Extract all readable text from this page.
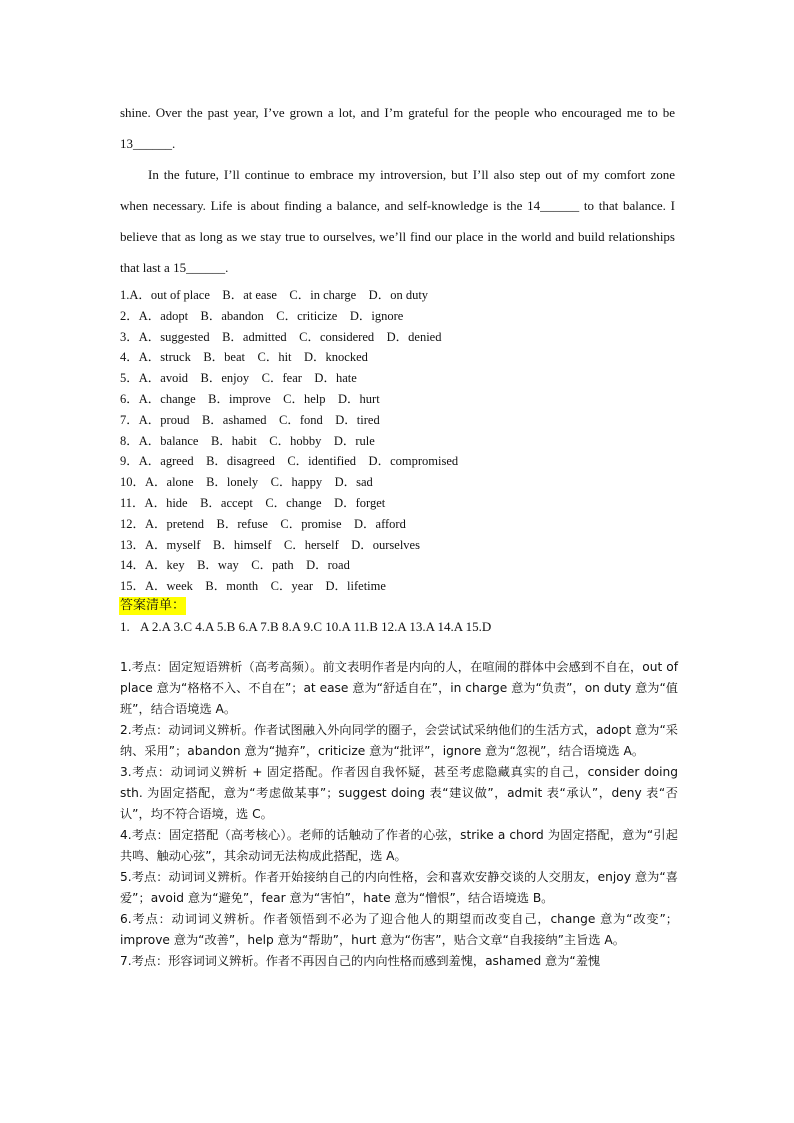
shine. Over the past year, I’ve grown a lot, and I’m grateful for the people who encouraged me to be 13______.

In the future, I’ll continue to embrace my introversion, but I’ll also step out of my comfort zone when necessary. Life is about finding a balance, and self-knowledge is the 14______ to that balance. I believe that as long as we stay true to ourselves, we’ll find our place in the world and build relationships that last a 15______.

1.A．out of place　B．at ease　C．in charge　D．on duty
2．A．adopt　B．abandon　C．criticize　D．ignore
3．A．suggested　B．admitted　C．considered　D．denied
4．A．struck　B．beat　C．hit　D．knocked
5．A．avoid　B．enjoy　C．fear　D．hate
6．A．change　B．improve　C．help　D．hurt
7．A．proud　B．ashamed　C．fond　D．tired
8．A．balance　B．habit　C．hobby　D．rule
9．A．agreed　B．disagreed　C．identified　D．compromised
10．A．alone　B．lonely　C．happy　D．sad
11．A．hide　B．accept　C．change　D．forget
12．A．pretend　B．refuse　C．promise　D．afford
13．A．myself　B．himself　C．herself　D．ourselves
14．A．key　B．way　C．path　D．road
15．A．week　B．month　C．year　D．lifetime
答案清单：
1. A 2.A 3.C 4.A 5.B 6.A 7.B 8.A 9.C 10.A 11.B 12.A 13.A 14.A 15.D

1.考点：固定短语辨析（高考高频）。前文表明作者是内向的人，在喧闹的群体中会感到不自在，out of place 意为“格格不入、不自在”；at ease 意为“舒适自在”，in charge 意为“负责”，on duty 意为“值班”，结合语境选 A。

2.考点：动词词义辨析。作者试图融入外向同学的圈子，会尝试试采纳他们的生活方式，adopt 意为“采纳、采用”；abandon 意为“抛弃”，criticize 意为“批评”，ignore 意为“忽视”，结合语境选 A。

3.考点：动词词义辨析 + 固定搭配。作者因自我怀疑，甚至考虑隐藏真实的自己，consider doing sth. 为固定搭配，意为“考虑做某事”；suggest doing 表“建议做”，admit 表“承认”，deny 表“否认”，均不符合语境，选 C。

4.考点：固定搭配（高考核心）。老师的话触动了作者的心弦，strike a chord 为固定搭配，意为“引起共鸣、触动心弦”，其余动词无法构成此搭配，选 A。

5.考点：动词词义辨析。作者开始接纳自己的内向性格，会和喜欢安静交谈的人交朋友，enjoy 意为“喜爱”；avoid 意为“避免”，fear 意为“害怕”，hate 意为“憎恨”，结合语境选 B。

6.考点：动词词义辨析。作者领悟到不必为了迎合他人的期望而改变自己，change 意为“改变”；improve 意为“改善”，help 意为“帮助”，hurt 意为“伤害”，贴合文章“自我接纳”主旨选 A。

7.考点：形容词词义辨析。作者不再因自己的内向性格而感到羞愧，ashamed 意为“羞愧
